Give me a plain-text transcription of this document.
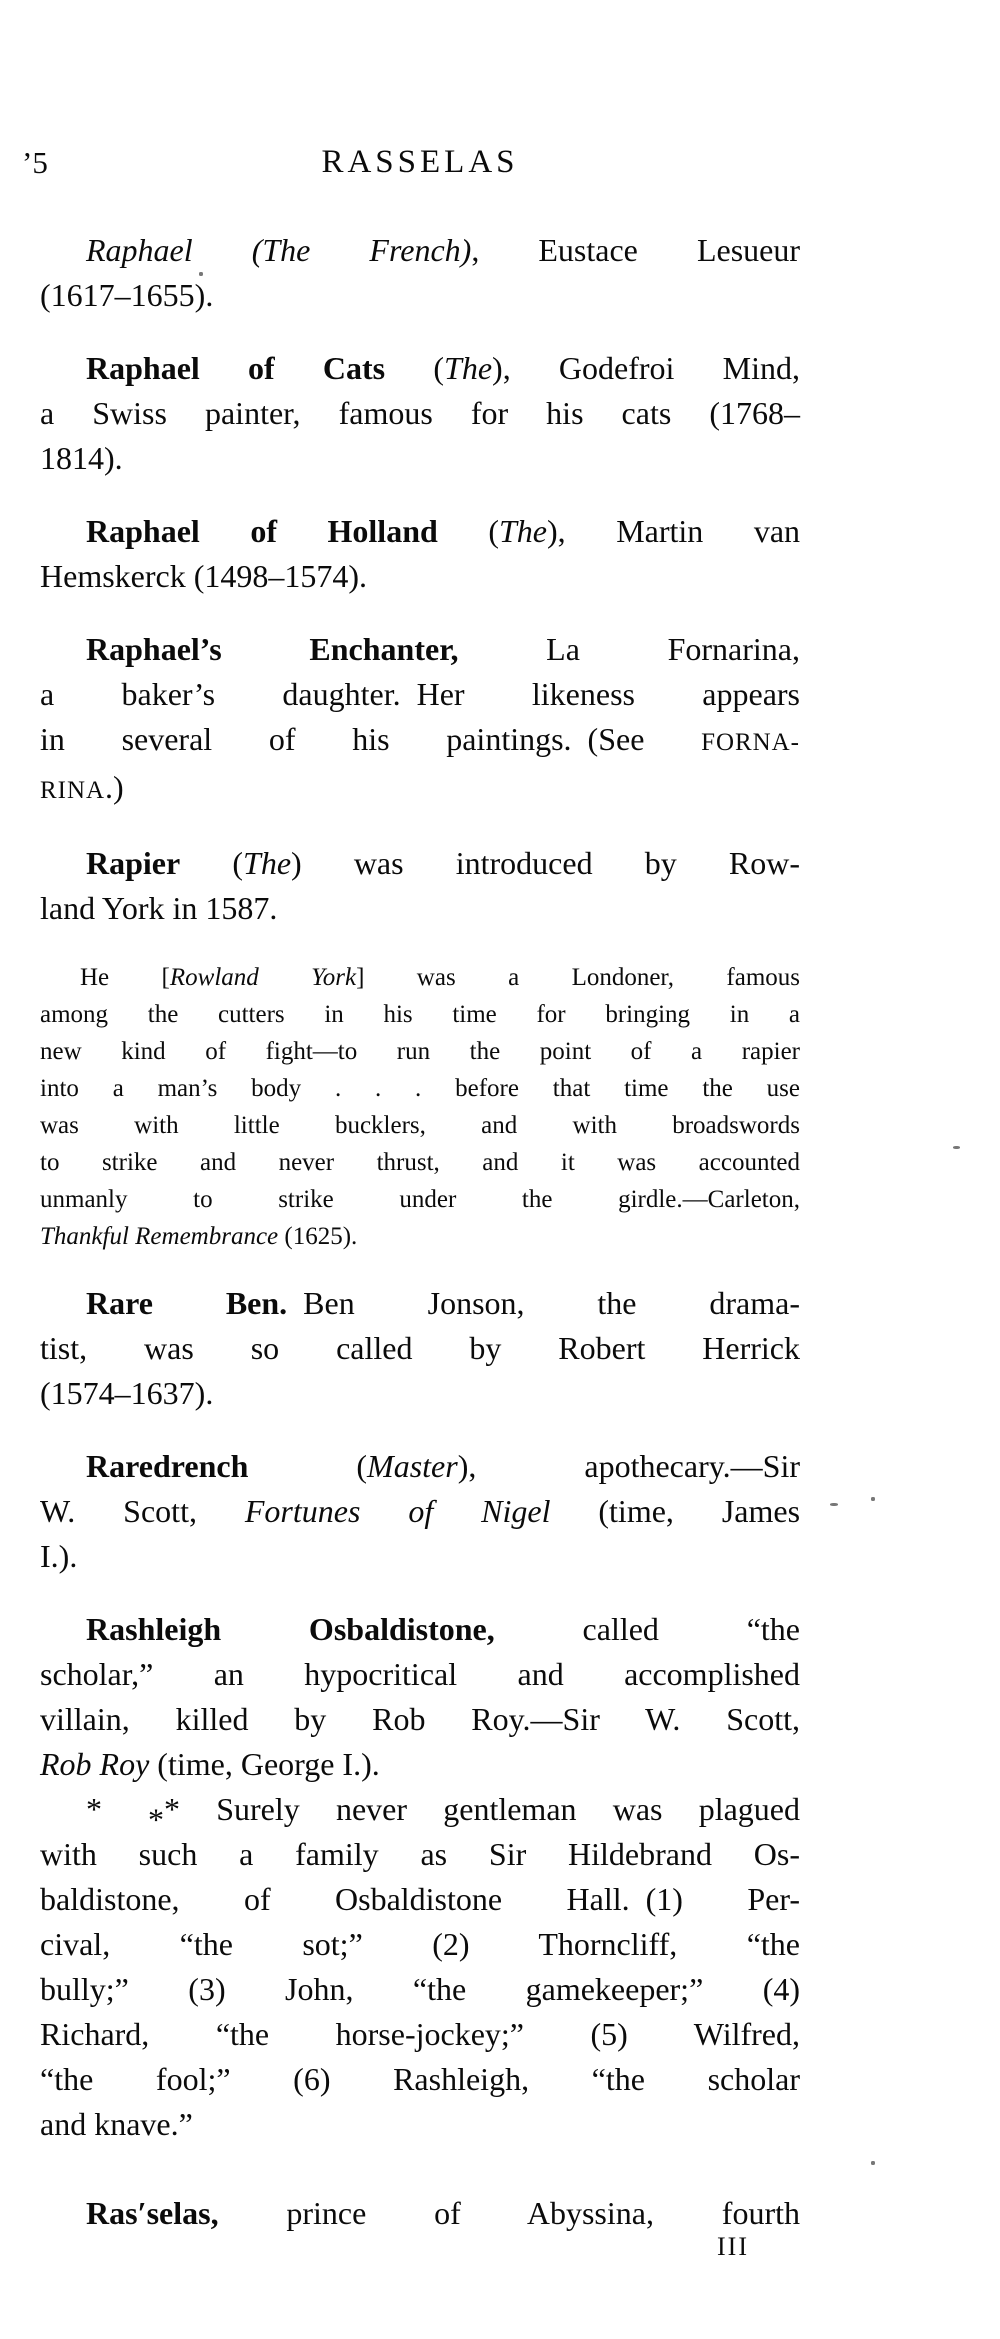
’5	RASSELAS
Raphael (The French), Eustace Lesueur
(1617–1655).
Raphael of Cats (The), Godefroi Mind,
a Swiss painter, famous for his cats (1768–
1814).
Raphael of Holland (The), Martin van
Hemskerck (1498–1574).
Raphael’s Enchanter, La Fornarina,
a baker’s daughter. Her likeness appears
in several of his paintings. (See FORNA-
RINA.)
Rapier (The) was introduced by Row-
land York in 1587.
He [Rowland York] was a Londoner, famous
among the cutters in his time for bringing in a
new kind of fight—to run the point of a rapier
into a man’s body . . . before that time the use
was with little bucklers, and with broadswords
to strike and never thrust, and it was accounted
unmanly to strike under the girdle.—Carleton,
Thankful Remembrance (1625).
Rare Ben. Ben Jonson, the drama-
tist, was so called by Robert Herrick
(1574–1637).
Raredrench (Master), apothecary.—Sir
W. Scott, Fortunes of Nigel (time, James
I.).
Rashleigh Osbaldistone, called “the
scholar,” an hypocritical and accomplished
villain, killed by Rob Roy.—Sir W. Scott,
Rob Roy (time, George I.).
* ** Surely never gentleman was plagued
with such a family as Sir Hildebrand Os-
baldistone, of Osbaldistone Hall. (1) Per-
cival, “the sot;” (2) Thorncliff, “the
bully;” (3) John, “the gamekeeper;” (4)
Richard, “the horse-jockey;” (5) Wilfred,
“the fool;” (6) Rashleigh, “the scholar
and knave.”
Ras′selas, prince of Abyssina, fourth
III
